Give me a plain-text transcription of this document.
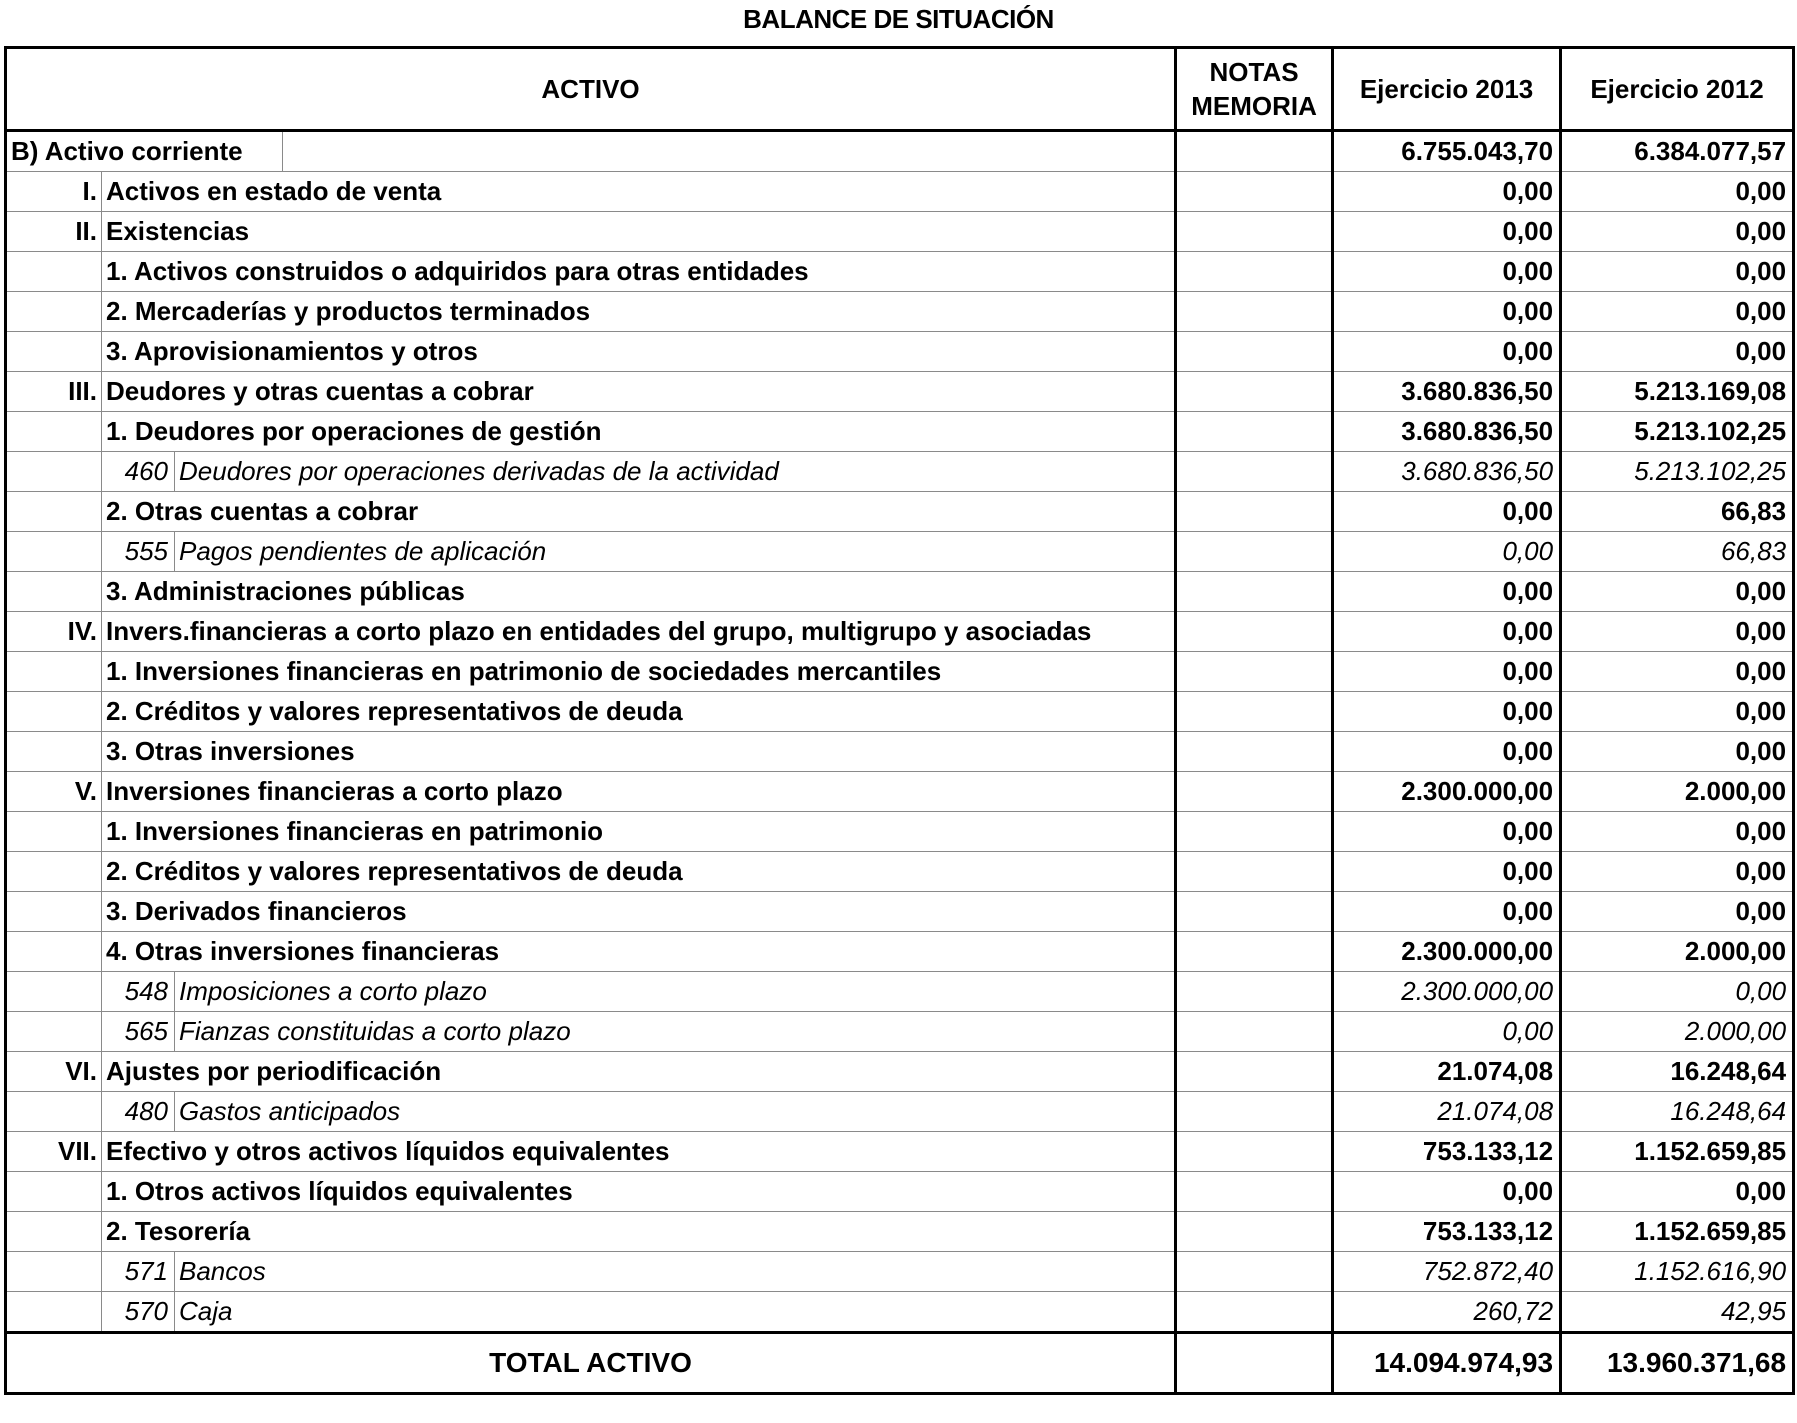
BALANCE DE SITUACIÓN
ACTIVO				NOTAS MEMORIA	Ejercicio 2013	Ejercicio 2012
B) Activo corriente					6.755.043,70	6.384.077,57
I.	Activos en estado de venta				0,00	0,00
II.	Existencias				0,00	0,00
	1. Activos construidos o adquiridos para otras entidades				0,00	0,00
	2. Mercaderías y productos terminados				0,00	0,00
	3. Aprovisionamientos y otros				0,00	0,00
III.	Deudores y otras cuentas a cobrar				3.680.836,50	5.213.169,08
	1. Deudores por operaciones de gestión				3.680.836,50	5.213.102,25
	460	Deudores por operaciones derivadas de la actividad			3.680.836,50	5.213.102,25
	2. Otras cuentas a cobrar				0,00	66,83
	555	Pagos pendientes de aplicación			0,00	66,83
	3. Administraciones públicas				0,00	0,00
IV.	Invers.financieras a corto plazo en entidades del grupo, multigrupo y asociadas				0,00	0,00
	1. Inversiones financieras en patrimonio de sociedades mercantiles				0,00	0,00
	2. Créditos y valores representativos de deuda				0,00	0,00
	3. Otras inversiones				0,00	0,00
V.	Inversiones financieras a corto plazo				2.300.000,00	2.000,00
	1. Inversiones financieras en patrimonio				0,00	0,00
	2. Créditos y valores representativos de deuda				0,00	0,00
	3. Derivados financieros				0,00	0,00
	4. Otras inversiones financieras				2.300.000,00	2.000,00
	548	Imposiciones a corto plazo			2.300.000,00	0,00
	565	Fianzas constituidas a corto plazo			0,00	2.000,00
VI.	Ajustes por periodificación				21.074,08	16.248,64
	480	Gastos anticipados			21.074,08	16.248,64
VII.	Efectivo y otros activos líquidos equivalentes				753.133,12	1.152.659,85
	1. Otros activos líquidos equivalentes				0,00	0,00
	2. Tesorería				753.133,12	1.152.659,85
	571	Bancos			752.872,40	1.152.616,90
	570	Caja			260,72	42,95
TOTAL ACTIVO					14.094.974,93	13.960.371,68
